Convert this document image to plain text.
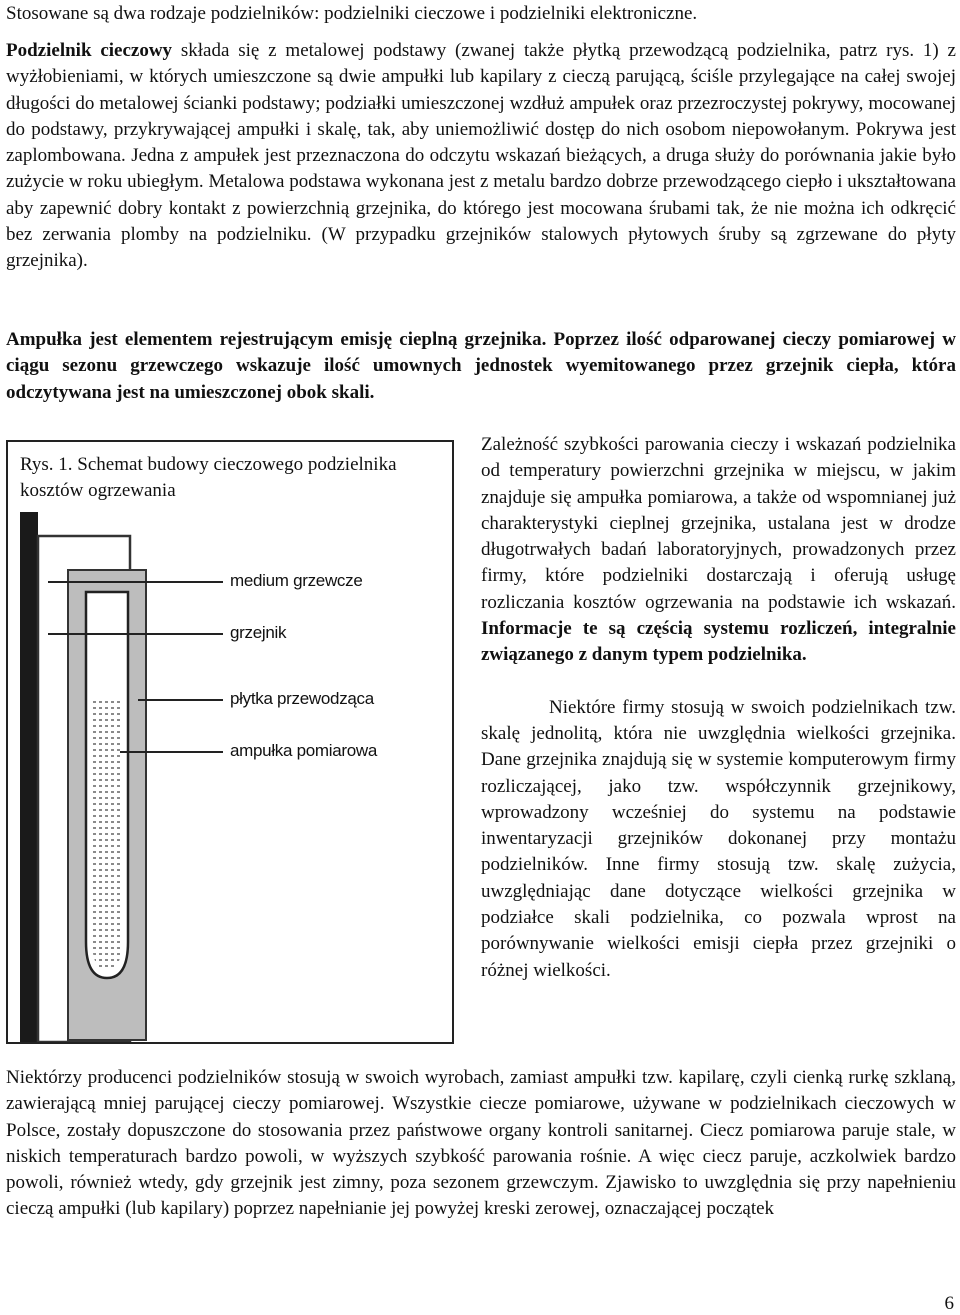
Stosowane są dwa rodzaje podzielników: podzielniki cieczowe i podzielniki elektroniczne.

Podzielnik cieczowy składa się z metalowej podstawy (zwanej także płytką przewodzącą podzielnika, patrz rys. 1) z wyżłobieniami, w których umieszczone są dwie ampułki lub kapilary z cieczą parującą, ściśle przylegające na całej swojej długości do metalowej ścianki podstawy; podziałki umieszczonej wzdłuż ampułek oraz przezroczystej pokrywy, mocowanej do podstawy, przykrywającej ampułki i skalę, tak, aby uniemożliwić dostęp do nich osobom niepowołanym. Pokrywa jest zaplombowana. Jedna z ampułek jest przeznaczona do odczytu wskazań bieżących, a druga służy do porównania jakie było zużycie w roku ubiegłym. Metalowa podstawa wykonana jest z metalu bardzo dobrze przewodzącego ciepło i ukształtowana aby zapewnić dobry kontakt z powierzchnią grzejnika, do którego jest mocowana śrubami tak, że nie można ich odkręcić bez zerwania plomby na podzielniku. (W przypadku grzejników stalowych płytowych śruby są zgrzewane do płyty grzejnika).

Ampułka jest elementem rejestrującym emisję cieplną grzejnika. Poprzez ilość odparowanej cieczy pomiarowej w ciągu sezonu grzewczego wskazuje ilość umownych jednostek wyemitowanego przez grzejnik ciepła, która odczytywana jest na umieszczonej obok skali.

medium grzewcze
grzejnik
płytka przewodząca
ampułka pomiarowa
Rys. 1. Schemat budowy cieczowego podzielnika kosztów ogrzewania

Zależność szybkości parowania cieczy i wskazań podzielnika od temperatury powierzchni grzejnika w miejscu, w jakim znajduje się ampułka pomiarowa, a także od wspomnianej już charakterystyki cieplnej grzejnika, ustalana jest w drodze długotrwałych badań laboratoryjnych, prowadzonych przez firmy, które podzielniki dostarczają i oferują usługę rozliczania kosztów ogrzewania na podstawie ich wskazań. Informacje te są częścią systemu rozliczeń, integralnie związanego z danym typem podzielnika.

Niektóre firmy stosują w swoich podzielnikach tzw. skalę jednolitą, która nie uwzględnia wielkości grzejnika. Dane grzejnika znajdują się w systemie komputerowym firmy rozliczającej, jako tzw. współczynnik grzejnikowy, wprowadzony wcześniej do systemu na podstawie inwentaryzacji grzejników dokonanej przy montażu podzielników. Inne firmy stosują tzw. skalę zużycia, uwzględniając dane dotyczące wielkości grzejnika w podziałce skali podzielnika, co pozwala wprost na porównywanie wielkości emisji ciepła przez grzejniki o różnej wielkości.

Niektórzy producenci podzielników stosują w swoich wyrobach, zamiast ampułki tzw. kapilarę, czyli cienką rurkę szklaną, zawierającą mniej parującej cieczy pomiarowej. Wszystkie ciecze pomiarowe, używane w podzielnikach cieczowych w Polsce, zostały dopuszczone do stosowania przez państwowe organy kontroli sanitarnej. Ciecz pomiarowa paruje stale, w niskich temperaturach bardzo powoli, w wyższych szybkość parowania rośnie. A więc ciecz paruje, aczkolwiek bardzo powoli, również wtedy, gdy grzejnik jest zimny, poza sezonem grzewczym. Zjawisko to uwzględnia się przy napełnieniu cieczą ampułki (lub kapilary) poprzez napełnianie jej powyżej kreski zerowej, oznaczającej początek

6
